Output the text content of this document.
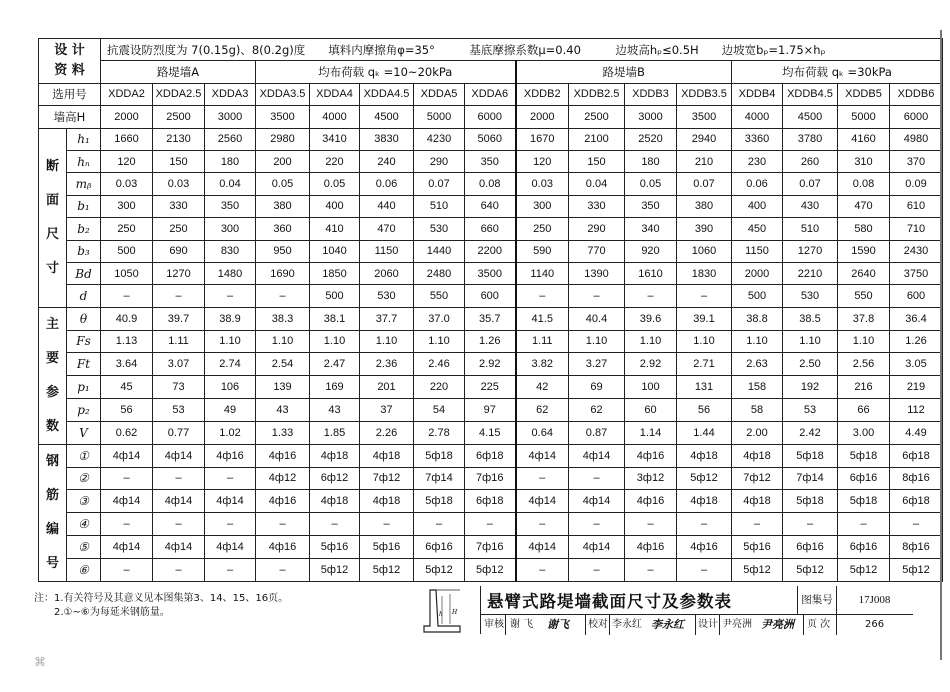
设 计
资 料		抗震设防烈度为 7(0.15g)、8(0.2g)度　　填料内摩擦角φ=35°　　　基底摩擦系数μ=0.40　　　边坡高hₚ≤0.5H　　边坡宽bₚ=1.75×hₚ															
		路堤墙A			均布荷载 qₖ =10~20kPa					路堤墙B				均布荷载 qₖ =30kPa			
选用号		XDDA2	XDDA2.5	XDDA3	XDDA3.5	XDDA4	XDDA4.5	XDDA5	XDDA6	XDDB2	XDDB2.5	XDDB3	XDDB3.5	XDDB4	XDDB4.5	XDDB5	XDDB6
墙高H		2000	2500	3000	3500	4000	4500	5000	6000	2000	2500	3000	3500	4000	4500	5000	6000
断
面
尺
寸	h₁	1660	2130	2560	2980	3410	3830	4230	5060	1670	2100	2520	2940	3360	3780	4160	4980
	hₙ	120	150	180	200	220	240	290	350	120	150	180	210	230	260	310	370
	mᵦ	0.03	0.03	0.04	0.05	0.05	0.06	0.07	0.08	0.03	0.04	0.05	0.07	0.06	0.07	0.08	0.09
	b₁	300	330	350	380	400	440	510	640	300	330	350	380	400	430	470	610
	b₂	250	250	300	360	410	470	530	660	250	290	340	390	450	510	580	710
	b₃	500	690	830	950	1040	1150	1440	2200	590	770	920	1060	1150	1270	1590	2430
	Bd	1050	1270	1480	1690	1850	2060	2480	3500	1140	1390	1610	1830	2000	2210	2640	3750
	d	–	–	–	–	500	530	550	600	–	–	–	–	500	530	550	600
主
要
参
数	θ	40.9	39.7	38.9	38.3	38.1	37.7	37.0	35.7	41.5	40.4	39.6	39.1	38.8	38.5	37.8	36.4
	Fs	1.13	1.11	1.10	1.10	1.10	1.10	1.10	1.26	1.11	1.10	1.10	1.10	1.10	1.10	1.10	1.26
	Ft	3.64	3.07	2.74	2.54	2.47	2.36	2.46	2.92	3.82	3.27	2.92	2.71	2.63	2.50	2.56	3.05
	p₁	45	73	106	139	169	201	220	225	42	69	100	131	158	192	216	219
	p₂	56	53	49	43	43	37	54	97	62	62	60	56	58	53	66	112
	V	0.62	0.77	1.02	1.33	1.85	2.26	2.78	4.15	0.64	0.87	1.14	1.44	2.00	2.42	3.00	4.49
钢
筋
编
号	①	4ф14	4ф14	4ф16	4ф16	4ф18	4ф18	5ф18	6ф18	4ф14	4ф14	4ф16	4ф18	4ф18	5ф18	5ф18	6ф18
	②	–	–	–	4ф12	6ф12	7ф12	7ф14	7ф16	–	–	3ф12	5ф12	7ф12	7ф14	6ф16	8ф16
	③	4ф14	4ф14	4ф14	4ф16	4ф18	4ф18	5ф18	6ф18	4ф14	4ф14	4ф16	4ф18	4ф18	5ф18	5ф18	6ф18
	④	–	–	–	–	–	–	–	–	–	–	–	–	–	–	–	–
	⑤	4ф14	4ф14	4ф14	4ф16	5ф16	5ф16	6ф16	7ф16	4ф14	4ф14	4ф16	4ф16	5ф16	6ф16	6ф16	8ф16
	⑥	–	–	–	–	5ф12	5ф12	5ф12	5ф12	–	–	–	–	5ф12	5ф12	5ф12	5ф12
注：1.有关符号及其意义见本图集第3、14、15、16页。
　　2.①~⑥为每延米钢筋量。	h H
悬臂式路堤墙截面尺寸及参数表	图集号	17J008
审核 谢 飞 谢飞 校对 李永红 李永红 设计 尹亮洲 尹亮洲 页 次	266
⌘
